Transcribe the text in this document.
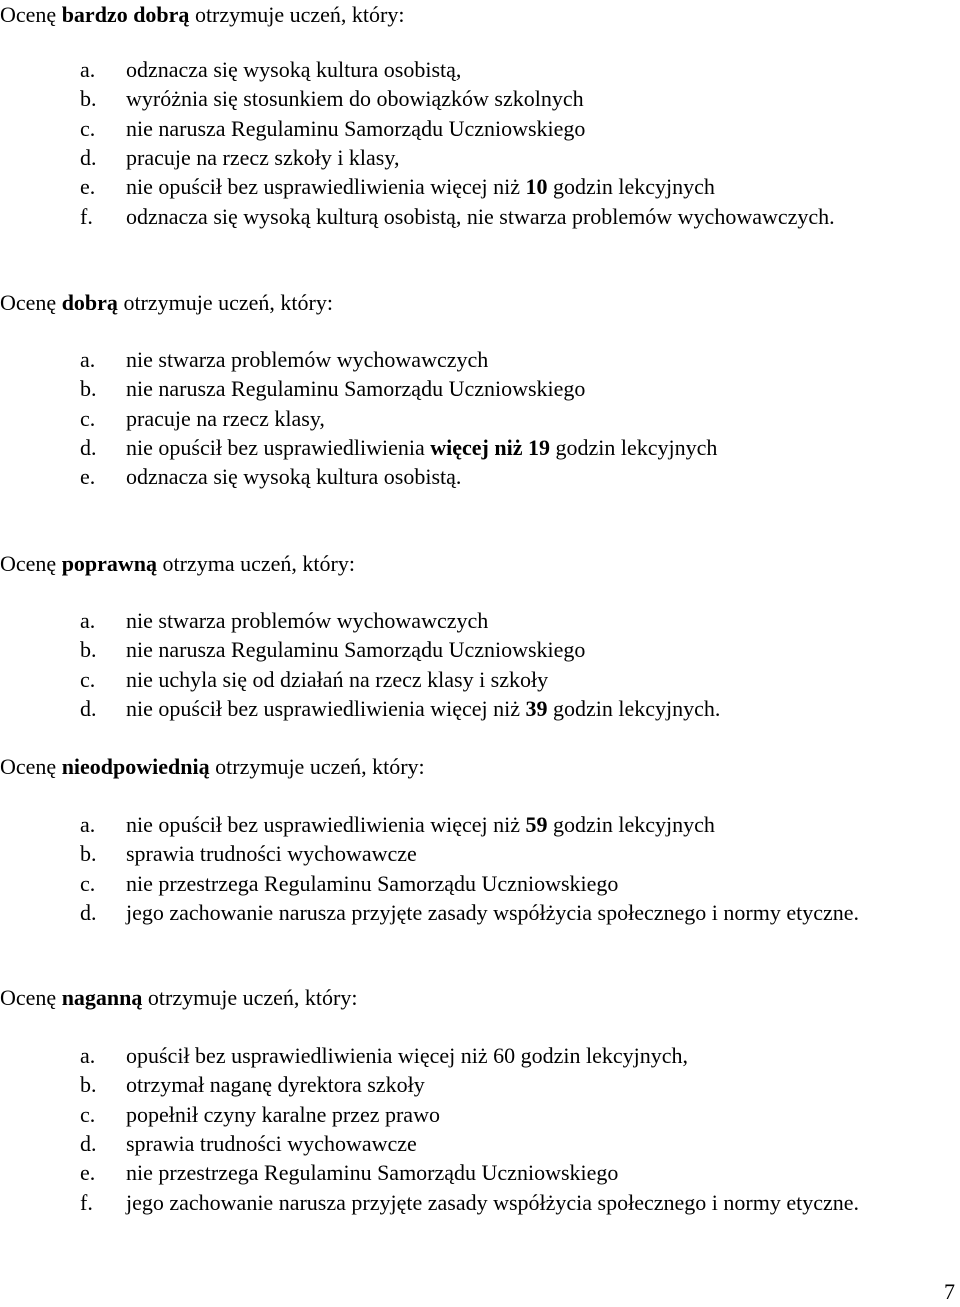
Ocenę bardzo dobrą otrzymuje uczeń, który:
a. odznacza się wysoką kultura osobistą,
b. wyróżnia się stosunkiem do obowiązków szkolnych
c. nie narusza Regulaminu Samorządu Uczniowskiego
d. pracuje na rzecz szkoły i klasy,
e. nie opuścił bez usprawiedliwienia więcej niż 10 godzin lekcyjnych
f. odznacza się wysoką kulturą osobistą, nie stwarza problemów wychowawczych.
Ocenę dobrą otrzymuje uczeń, który:
a. nie stwarza problemów wychowawczych
b. nie narusza Regulaminu Samorządu Uczniowskiego
c. pracuje na rzecz klasy,
d. nie opuścił bez usprawiedliwienia więcej niż 19 godzin lekcyjnych
e. odznacza się wysoką kultura osobistą.
Ocenę poprawną otrzyma uczeń, który:
a. nie stwarza problemów wychowawczych
b. nie narusza Regulaminu Samorządu Uczniowskiego
c. nie uchyla się od działań na rzecz klasy i szkoły
d. nie opuścił bez usprawiedliwienia więcej niż 39 godzin lekcyjnych.
Ocenę nieodpowiednią otrzymuje uczeń, który:
a. nie opuścił bez usprawiedliwienia więcej niż 59 godzin lekcyjnych
b. sprawia trudności wychowawcze
c. nie przestrzega Regulaminu Samorządu Uczniowskiego
d. jego zachowanie narusza przyjęte zasady współżycia społecznego i normy etyczne.
Ocenę naganną otrzymuje uczeń, który:
a. opuścił bez usprawiedliwienia więcej niż 60 godzin lekcyjnych,
b. otrzymał naganę dyrektora szkoły
c. popełnił czyny karalne przez prawo
d. sprawia trudności wychowawcze
e. nie przestrzega Regulaminu Samorządu Uczniowskiego
f. jego zachowanie narusza przyjęte zasady współżycia społecznego i normy etyczne.
7
